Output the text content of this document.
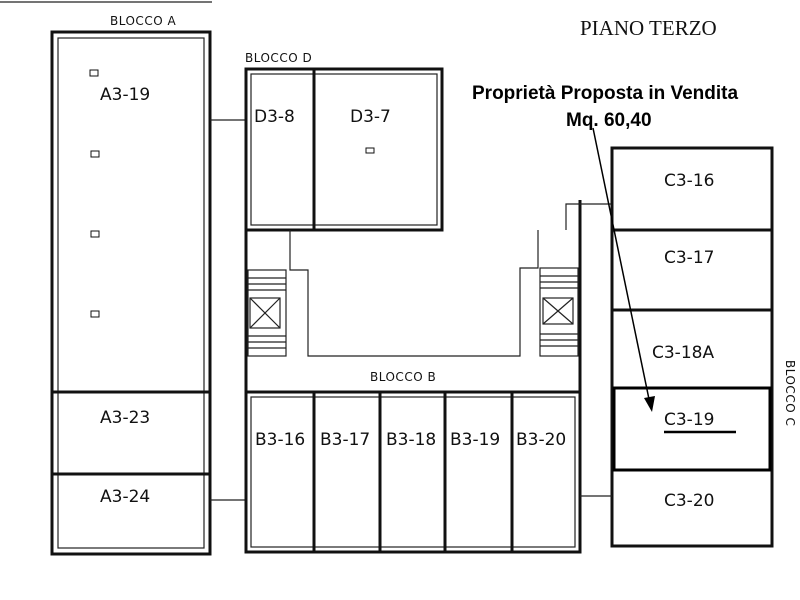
BLOCCO A
A3-19
A3-23
A3-24
BLOCCO D
D3-8	D3-7
BLOCCO B
B3-16 B3-17 B3-18 B3-19 B3-20
BLOCCO C
C3-16
C3-17
C3-18A
C3-19
C3-20
PIANO TERZO
Proprietà Proposta in Vendita
Mq. 60,40
